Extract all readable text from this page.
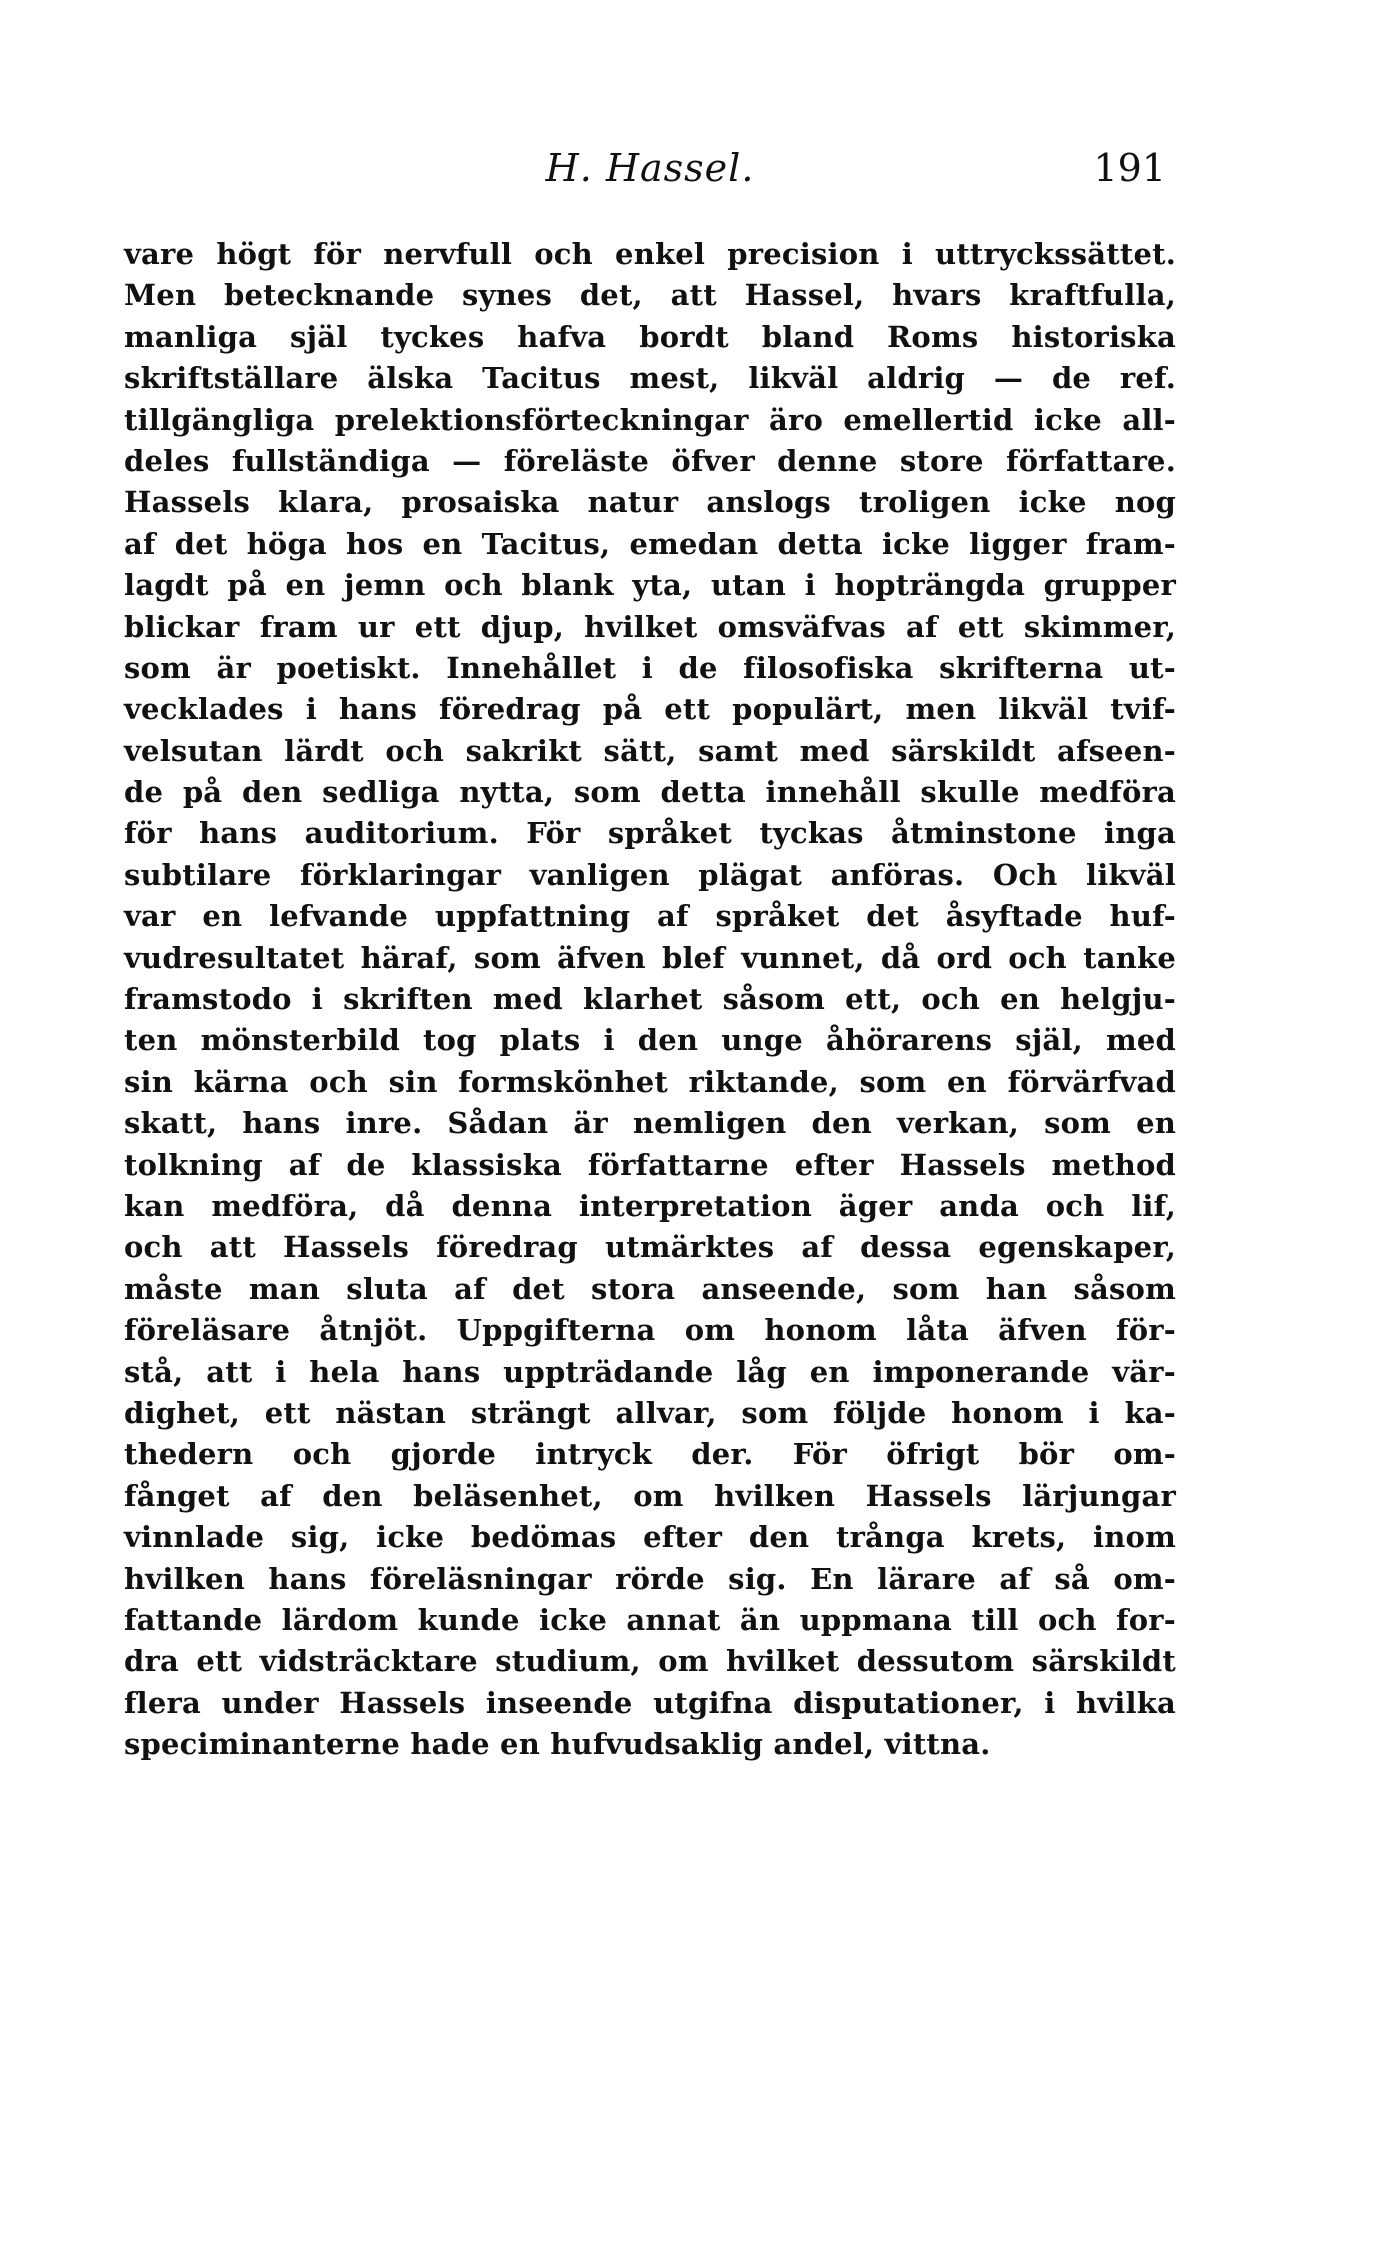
H. Hassel.	191
vare högt för nervfull och enkel precision i uttryckssättet.
Men betecknande synes det, att Hassel, hvars kraftfulla,
manliga själ tyckes hafva bordt bland Roms historiska
skriftställare älska Tacitus mest, likväl aldrig — de ref.
tillgängliga prelektionsförteckningar äro emellertid icke all-
deles fullständiga — föreläste öfver denne store författare.
Hassels klara, prosaiska natur anslogs troligen icke nog
af det höga hos en Tacitus, emedan detta icke ligger fram-
lagdt på en jemn och blank yta, utan i hopträngda grupper
blickar fram ur ett djup, hvilket omsväfvas af ett skimmer,
som är poetiskt. Innehållet i de filosofiska skrifterna ut-
vecklades i hans föredrag på ett populärt, men likväl tvif-
velsutan lärdt och sakrikt sätt, samt med särskildt afseen-
de på den sedliga nytta, som detta innehåll skulle medföra
för hans auditorium. För språket tyckas åtminstone inga
subtilare förklaringar vanligen plägat anföras. Och likväl
var en lefvande uppfattning af språket det åsyftade huf-
vudresultatet häraf, som äfven blef vunnet, då ord och tanke
framstodo i skriften med klarhet såsom ett, och en helgju-
ten mönsterbild tog plats i den unge åhörarens själ, med
sin kärna och sin formskönhet riktande, som en förvärfvad
skatt, hans inre. Sådan är nemligen den verkan, som en
tolkning af de klassiska författarne efter Hassels method
kan medföra, då denna interpretation äger anda och lif,
och att Hassels föredrag utmärktes af dessa egenskaper,
måste man sluta af det stora anseende, som han såsom
föreläsare åtnjöt. Uppgifterna om honom låta äfven för-
stå, att i hela hans uppträdande låg en imponerande vär-
dighet, ett nästan strängt allvar, som följde honom i ka-
thedern och gjorde intryck der. För öfrigt bör om-
fånget af den beläsenhet, om hvilken Hassels lärjungar
vinnlade sig, icke bedömas efter den trånga krets, inom
hvilken hans föreläsningar rörde sig. En lärare af så om-
fattande lärdom kunde icke annat än uppmana till och for-
dra ett vidsträcktare studium, om hvilket dessutom särskildt
flera under Hassels inseende utgifna disputationer, i hvilka
speciminanterne hade en hufvudsaklig andel, vittna.
